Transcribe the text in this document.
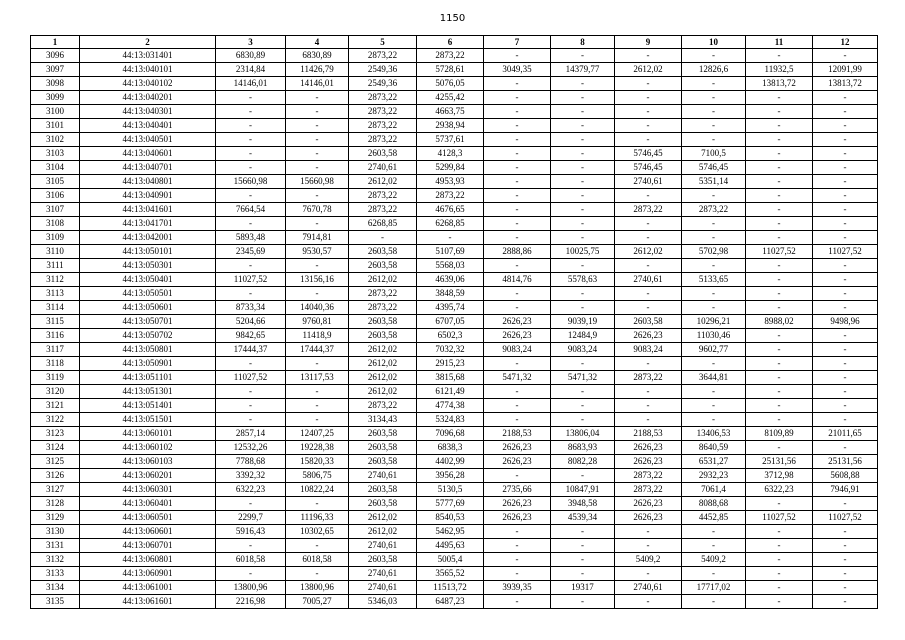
1150
1	2	3	4	5	6	7	8	9	10	11	12
3096	44:13:031401	6830,89	6830,89	2873,22	2873,22	-	-	-	-	-	-
3097	44:13:040101	2314,84	11426,79	2549,36	5728,61	3049,35	14379,77	2612,02	12826,6	11932,5	12091,99
3098	44:13:040102	14146,01	14146,01	2549,36	5076,05	-	-	-	-	13813,72	13813,72
3099	44:13:040201	-	-	2873,22	4255,42	-	-	-	-	-	-
3100	44:13:040301	-	-	2873,22	4663,75	-	-	-	-	-	-
3101	44:13:040401	-	-	2873,22	2938,94	-	-	-	-	-	-
3102	44:13:040501	-	-	2873,22	5737,61	-	-	-	-	-	-
3103	44:13:040601	-	-	2603,58	4128,3	-	-	5746,45	7100,5	-	-
3104	44:13:040701	-	-	2740,61	5299,84	-	-	5746,45	5746,45	-	-
3105	44:13:040801	15660,98	15660,98	2612,02	4953,93	-	-	2740,61	5351,14	-	-
3106	44:13:040901	-	-	2873,22	2873,22	-	-	-	-	-	-
3107	44:13:041601	7664,54	7670,78	2873,22	4676,65	-	-	2873,22	2873,22	-	-
3108	44:13:041701	-	-	6268,85	6268,85	-	-	-	-	-	-
3109	44:13:042001	5893,48	7914,81	-	-	-	-	-	-	-	-
3110	44:13:050101	2345,69	9530,57	2603,58	5107,69	2888,86	10025,75	2612,02	5702,98	11027,52	11027,52
3111	44:13:050301	-	-	2603,58	5568,03	-	-	-	-	-	-
3112	44:13:050401	11027,52	13156,16	2612,02	4639,06	4814,76	5578,63	2740,61	5133,65	-	-
3113	44:13:050501	-	-	2873,22	3848,59	-	-	-	-	-	-
3114	44:13:050601	8733,34	14040,36	2873,22	4395,74	-	-	-	-	-	-
3115	44:13:050701	5204,66	9760,81	2603,58	6707,05	2626,23	9039,19	2603,58	10296,21	8988,02	9498,96
3116	44:13:050702	9842,65	11418,9	2603,58	6502,3	2626,23	12484,9	2626,23	11030,46	-	-
3117	44:13:050801	17444,37	17444,37	2612,02	7032,32	9083,24	9083,24	9083,24	9602,77	-	-
3118	44:13:050901	-	-	2612,02	2915,23	-	-	-	-	-	-
3119	44:13:051101	11027,52	13117,53	2612,02	3815,68	5471,32	5471,32	2873,22	3644,81	-	-
3120	44:13:051301	-	-	2612,02	6121,49	-	-	-	-	-	-
3121	44:13:051401	-	-	2873,22	4774,38	-	-	-	-	-	-
3122	44:13:051501	-	-	3134,43	5324,83	-	-	-	-	-	-
3123	44:13:060101	2857,14	12407,25	2603,58	7096,68	2188,53	13806,04	2188,53	13406,53	8109,89	21011,65
3124	44:13:060102	12532,26	19228,38	2603,58	6838,3	2626,23	8683,93	2626,23	8640,59	-	-
3125	44:13:060103	7788,68	15820,33	2603,58	4402,99	2626,23	8082,28	2626,23	6531,27	25131,56	25131,56
3126	44:13:060201	3392,32	5806,75	2740,61	3956,28	-	-	2873,22	2932,23	3712,98	5608,88
3127	44:13:060301	6322,23	10822,24	2603,58	5130,5	2735,66	10847,91	2873,22	7061,4	6322,23	7946,91
3128	44:13:060401	-	-	2603,58	5777,69	2626,23	3948,58	2626,23	8088,68	-	-
3129	44:13:060501	2299,7	11196,33	2612,02	8540,53	2626,23	4539,34	2626,23	4452,85	11027,52	11027,52
3130	44:13:060601	5916,43	10302,65	2612,02	5462,95	-	-	-	-	-	-
3131	44:13:060701	-	-	2740,61	4495,63	-	-	-	-	-	-
3132	44:13:060801	6018,58	6018,58	2603,58	5005,4	-	-	5409,2	5409,2	-	-
3133	44:13:060901	-	-	2740,61	3565,52	-	-	-	-	-	-
3134	44:13:061001	13800,96	13800,96	2740,61	11513,72	3939,35	19317	2740,61	17717,02	-	-
3135	44:13:061601	2216,98	7005,27	5346,03	6487,23	-	-	-	-	-	-
